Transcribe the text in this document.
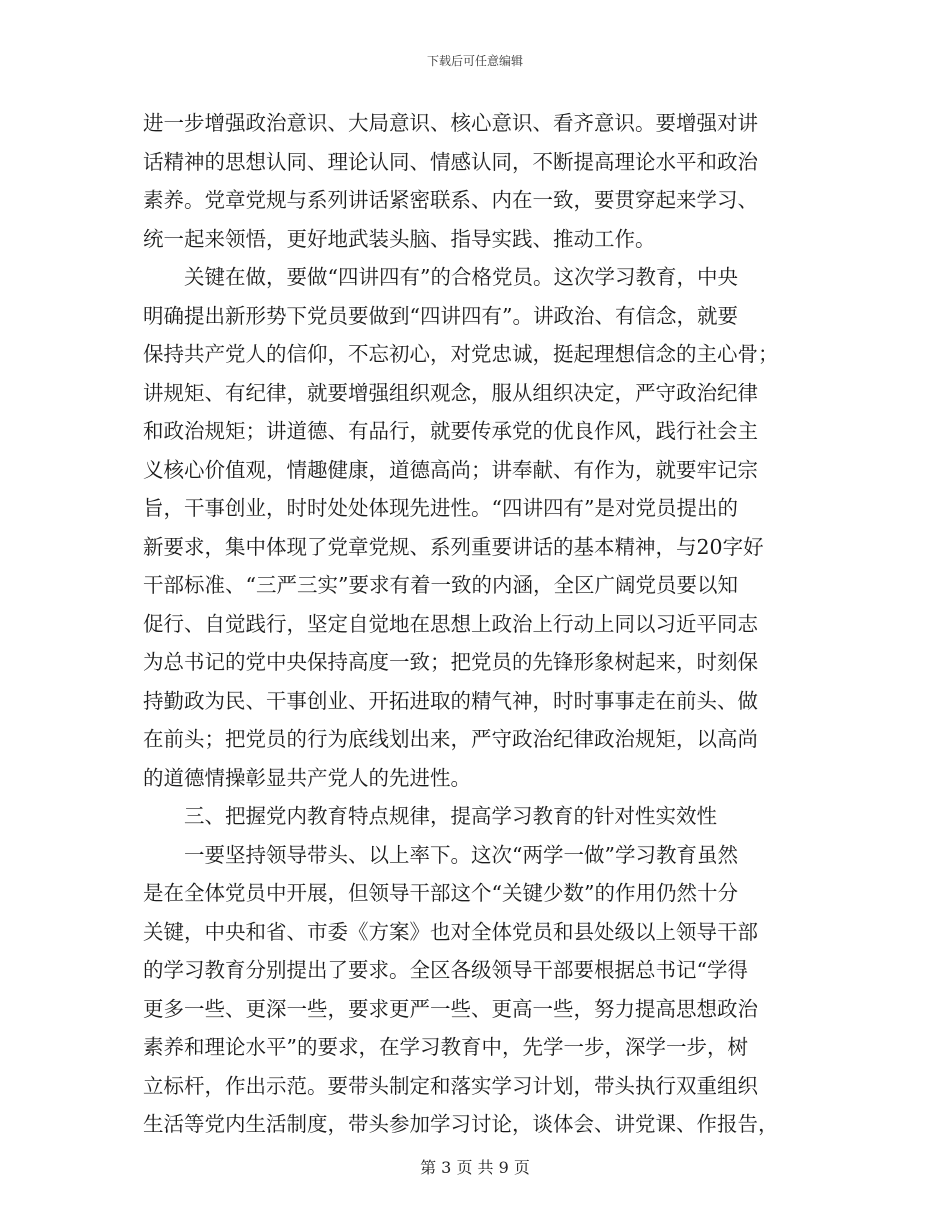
下载后可任意编辑
进一步增强政治意识、大局意识、核心意识、看齐意识。要增强对讲
话精神的思想认同、理论认同、情感认同，不断提高理论水平和政治
素养。党章党规与系列讲话紧密联系、内在一致，要贯穿起来学习、
统一起来领悟，更好地武装头脑、指导实践、推动工作。
关键在做，要做“四讲四有”的合格党员。这次学习教育，中央
明确提出新形势下党员要做到“四讲四有”。讲政治、有信念，就要
保持共产党人的信仰，不忘初心，对党忠诚，挺起理想信念的主心骨；
讲规矩、有纪律，就要增强组织观念，服从组织决定，严守政治纪律
和政治规矩；讲道德、有品行，就要传承党的优良作风，践行社会主
义核心价值观，情趣健康，道德高尚；讲奉献、有作为，就要牢记宗
旨，干事创业，时时处处体现先进性。“四讲四有”是对党员提出的
新要求，集中体现了党章党规、系列重要讲话的基本精神，与20字好
干部标准、“三严三实”要求有着一致的内涵，全区广阔党员要以知
促行、自觉践行，坚定自觉地在思想上政治上行动上同以习近平同志
为总书记的党中央保持高度一致；把党员的先锋形象树起来，时刻保
持勤政为民、干事创业、开拓进取的精气神，时时事事走在前头、做
在前头；把党员的行为底线划出来，严守政治纪律政治规矩，以高尚
的道德情操彰显共产党人的先进性。
三、把握党内教育特点规律，提高学习教育的针对性实效性
一要坚持领导带头、以上率下。这次“两学一做”学习教育虽然
是在全体党员中开展，但领导干部这个“关键少数”的作用仍然十分
关键，中央和省、市委《方案》也对全体党员和县处级以上领导干部
的学习教育分别提出了要求。全区各级领导干部要根据总书记“学得
更多一些、更深一些，要求更严一些、更高一些，努力提高思想政治
素养和理论水平”的要求，在学习教育中，先学一步，深学一步，树
立标杆，作出示范。要带头制定和落实学习计划，带头执行双重组织
生活等党内生活制度，带头参加学习讨论，谈体会、讲党课、作报告，
第 3 页 共 9 页
